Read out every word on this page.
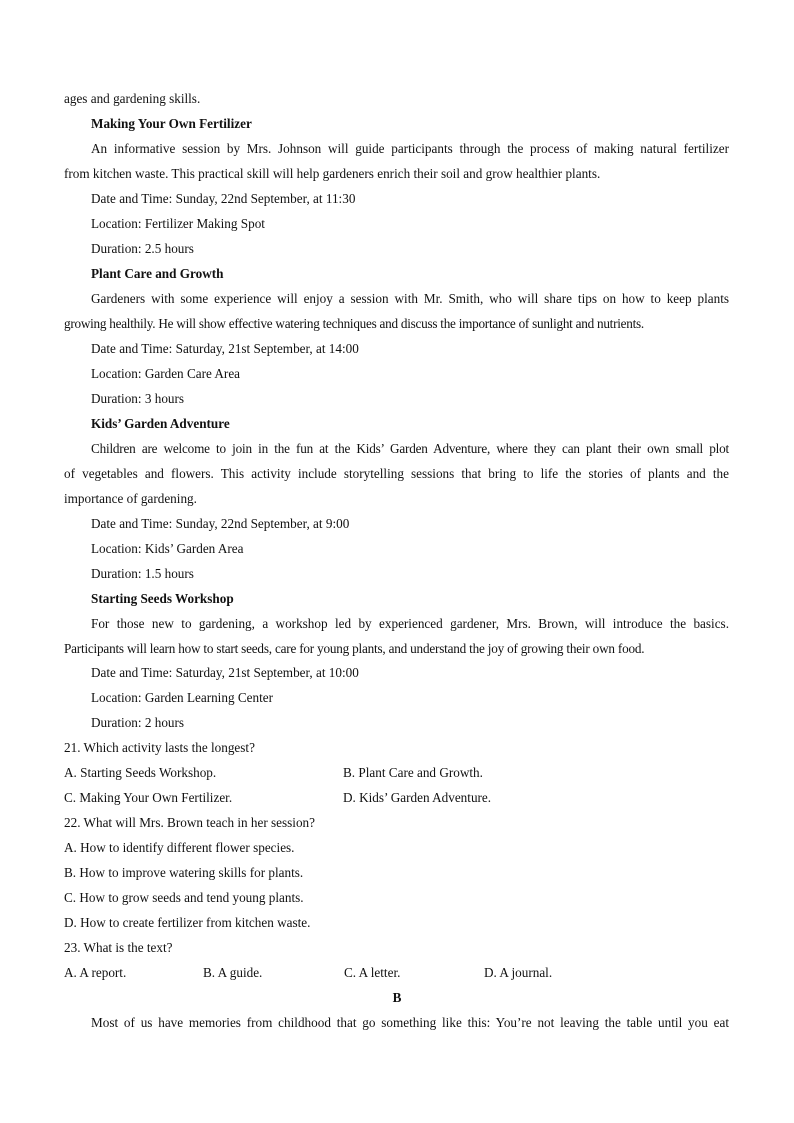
ages and gardening skills.
Making Your Own Fertilizer
An informative session by Mrs. Johnson will guide participants through the process of making natural fertilizer
from kitchen waste. This practical skill will help gardeners enrich their soil and grow healthier plants.
Date and Time: Sunday, 22nd September, at 11:30
Location: Fertilizer Making Spot
Duration: 2.5 hours
Plant Care and Growth
Gardeners with some experience will enjoy a session with Mr. Smith, who will share tips on how to keep plants
growing healthily. He will show effective watering techniques and discuss the importance of sunlight and nutrients.
Date and Time: Saturday, 21st September, at 14:00
Location: Garden Care Area
Duration: 3 hours
Kids’ Garden Adventure
Children are welcome to join in the fun at the Kids’ Garden Adventure, where they can plant their own small plot
of vegetables and flowers. This activity include storytelling sessions that bring to life the stories of plants and the
importance of gardening.
Date and Time: Sunday, 22nd September, at 9:00
Location: Kids’ Garden Area
Duration: 1.5 hours
Starting Seeds Workshop
For those new to gardening, a workshop led by experienced gardener, Mrs. Brown, will introduce the basics.
Participants will learn how to start seeds, care for young plants, and understand the joy of growing their own food.
Date and Time: Saturday, 21st September, at 10:00
Location: Garden Learning Center
Duration: 2 hours
21. Which activity lasts the longest?
A. Starting Seeds Workshop.	B. Plant Care and Growth.
C. Making Your Own Fertilizer.	D. Kids’ Garden Adventure.
22. What will Mrs. Brown teach in her session?
A. How to identify different flower species.
B. How to improve watering skills for plants.
C. How to grow seeds and tend young plants.
D. How to create fertilizer from kitchen waste.
23. What is the text?
A. A report.	B. A guide.	C. A letter.	D. A journal.
B
Most of us have memories from childhood that go something like this: You’re not leaving the table until you eat
